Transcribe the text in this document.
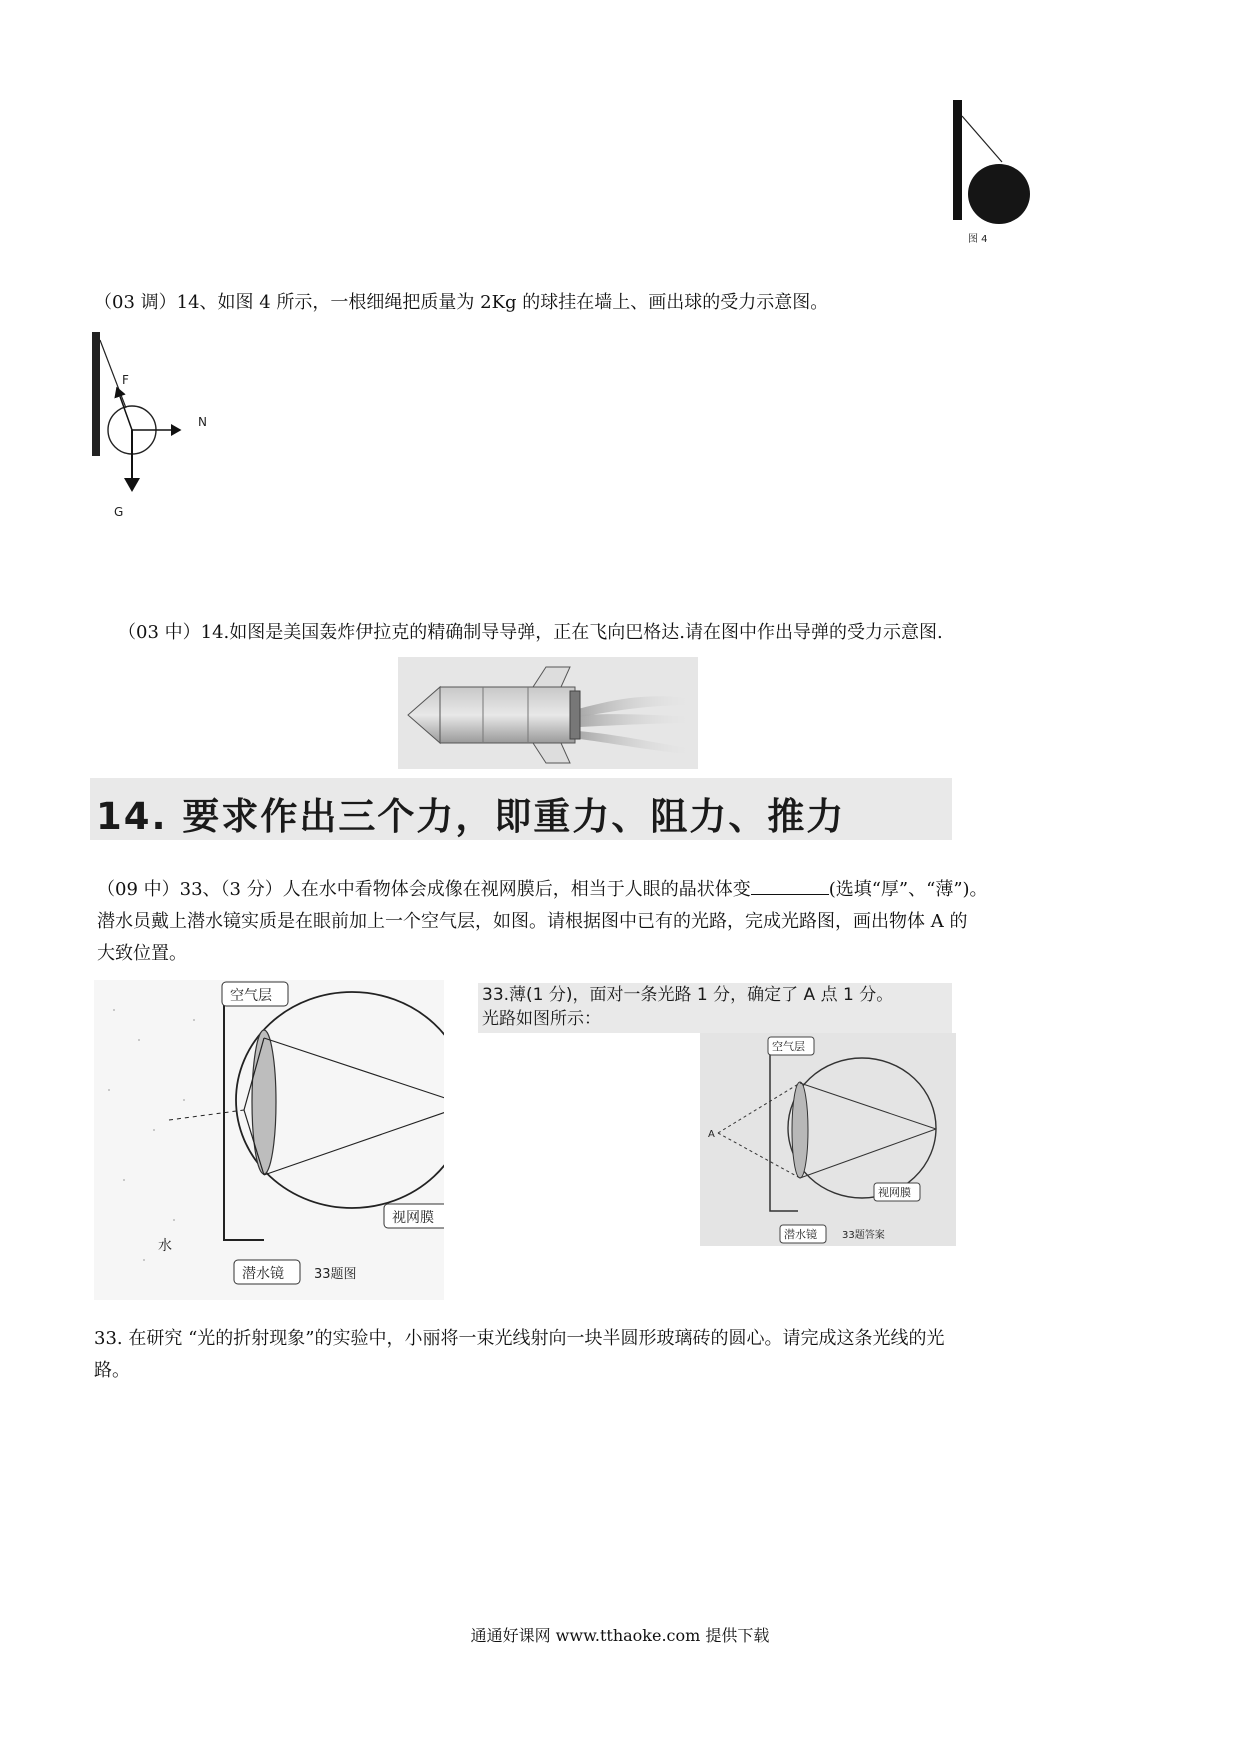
图 4
（03 调）14、如图 4 所示，一根细绳把质量为 2Kg 的球挂在墙上、画出球的受力示意图。
F
N
G
（03 中）14.如图是美国轰炸伊拉克的精确制导导弹，正在飞向巴格达.请在图中作出导弹的受力示意图.
14. 要求作出三个力，即重力、阻力、推力
（09 中）33、（3 分）人在水中看物体会成像在视网膜后，相当于人眼的晶状体变	(选填“厚”、“薄”)。
潜水员戴上潜水镜实质是在眼前加上一个空气层，如图。请根据图中已有的光路，完成光路图，画出物体 A 的
大致位置。
空气层
视网膜
水
潜水镜 33题图
33.薄(1 分)，面对一条光路 1 分，确定了 A 点 1 分。
光路如图所示：
A
空气层
视网膜
潜水镜	33题答案
33. 在研究 “光的折射现象”的实验中，小丽将一束光线射向一块半圆形玻璃砖的圆心。请完成这条光线的光
路。
通通好课网 www.tthaoke.com 提供下载
